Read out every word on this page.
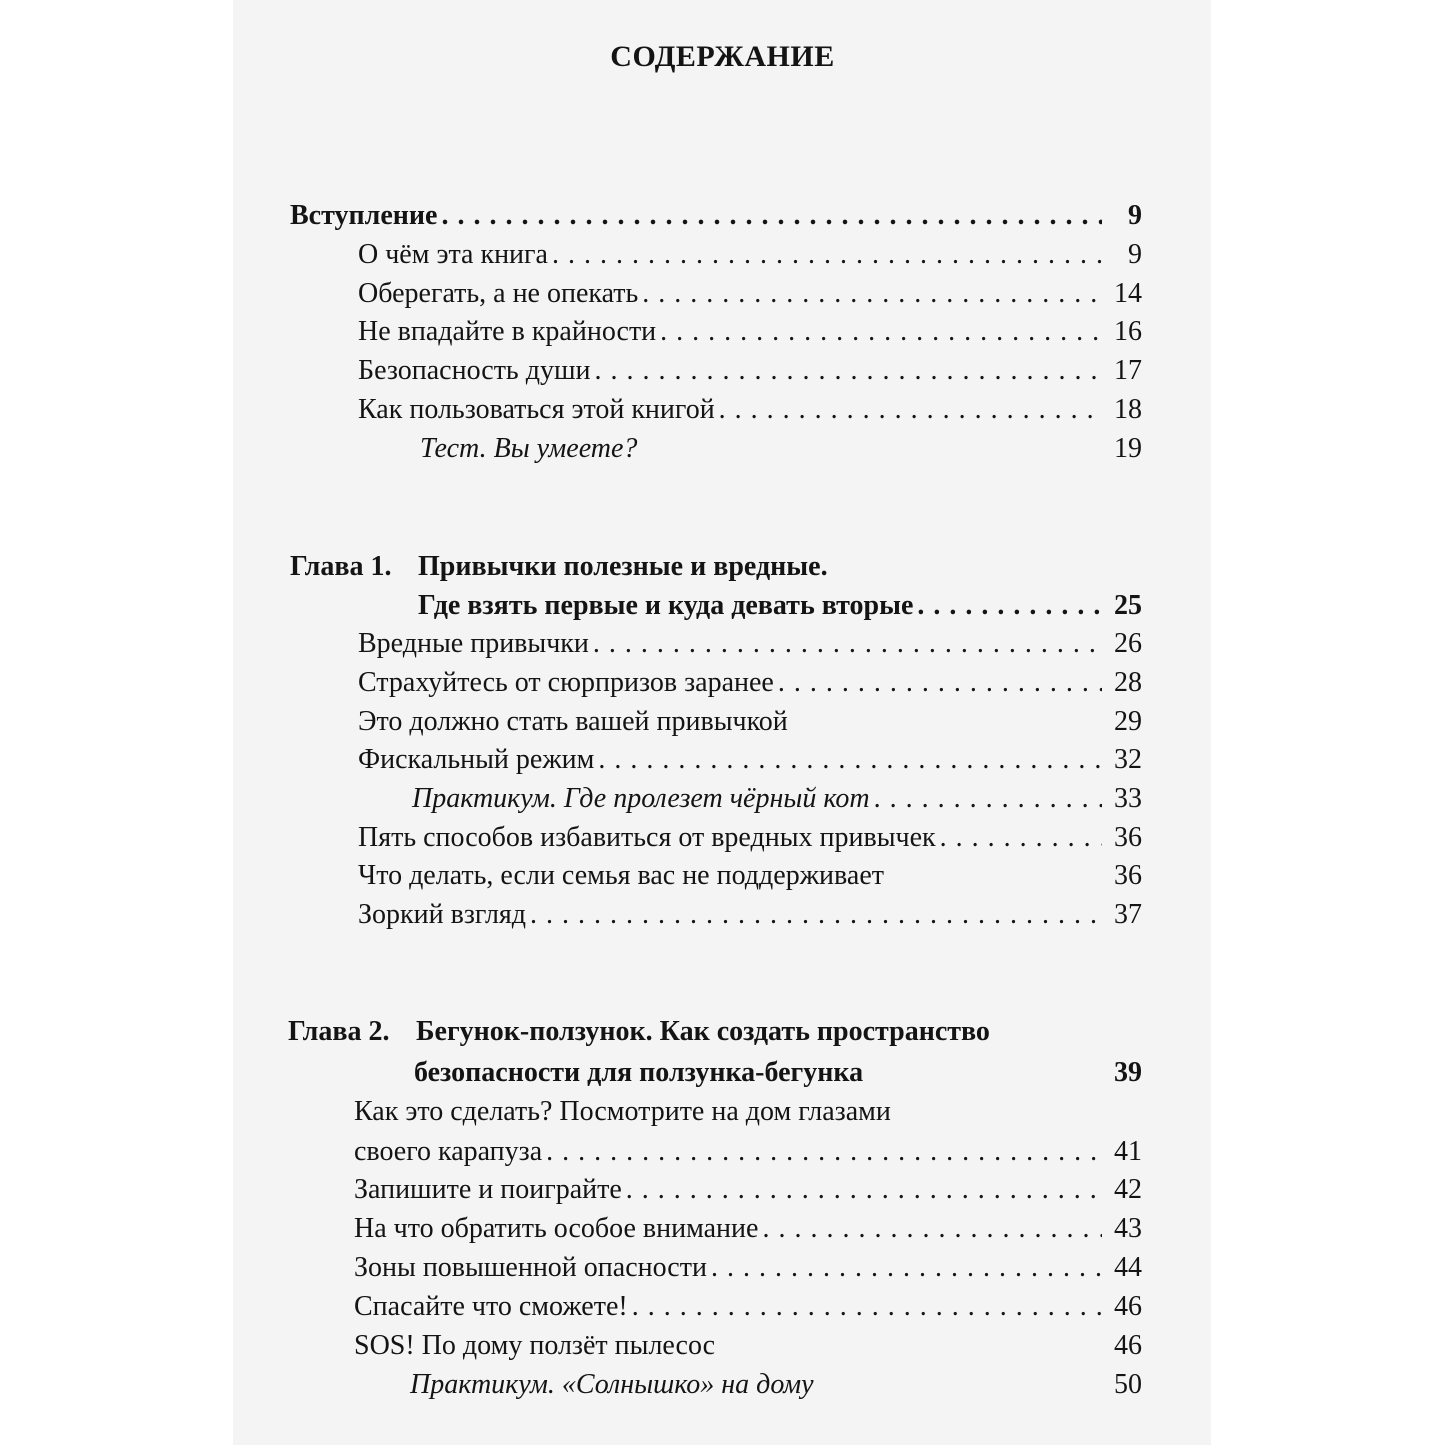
СОДЕРЖАНИЕ
Вступление . . .	9
О чём эта книга . . .	9
Оберегать, а не опекать . . .	14
Не впадайте в крайности . . .	16
Безопасность души . . .	17
Как пользоваться этой книгой . . .	18
Тест. Вы умеете?	19
Глава 1. Привычки полезные и вредные.
Где взять первые и куда девать вторые . . .	25
Вредные привычки . . .	26
Страхуйтесь от сюрпризов заранее . . .	28
Это должно стать вашей привычкой	29
Фискальный режим . . .	32
Практикум. Где пролезет чёрный кот . . .	33
Пять способов избавиться от вредных привычек . . .	36
Что делать, если семья вас не поддерживает	36
Зоркий взгляд . . .	37
Глава 2. Бегунок-ползунок. Как создать пространство
безопасности для ползунка-бегунка	39
Как это сделать? Посмотрите на дом глазами
своего карапуза . . .	41
Запишите и поиграйте . . .	42
На что обратить особое внимание . . .	43
Зоны повышенной опасности . . .	44
Спасайте что сможете! . . .	46
SOS! По дому ползёт пылесос	46
Практикум. «Солнышко» на дому	50
